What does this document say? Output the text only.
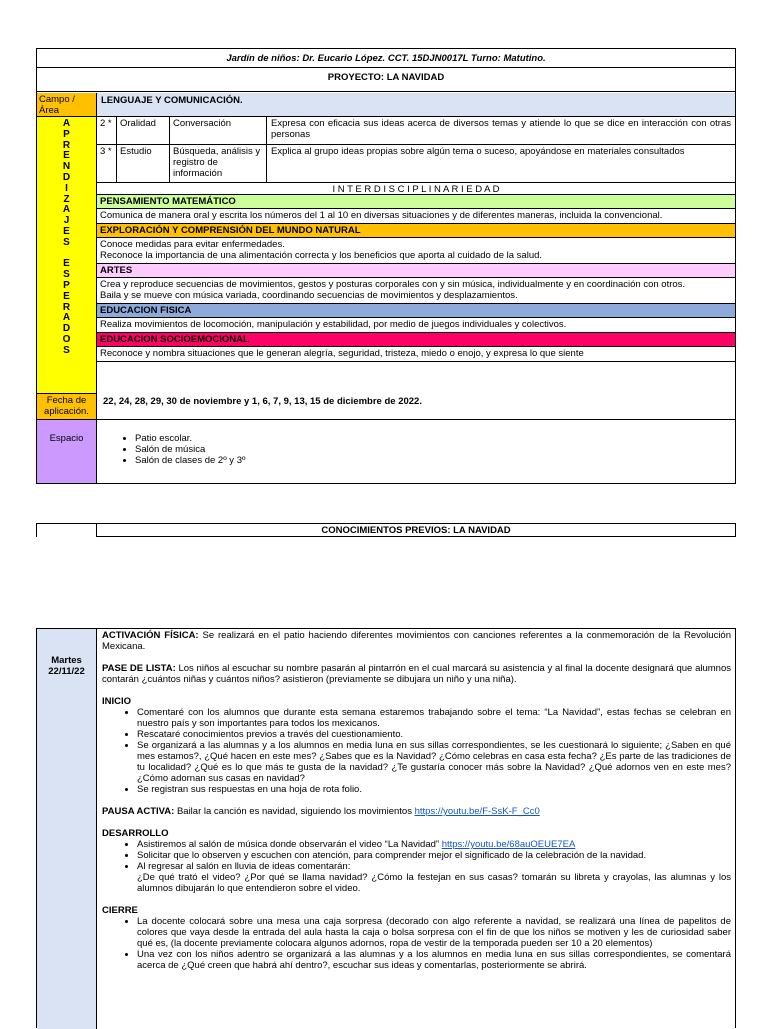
Jardín de niños: Dr. Eucario López. CCT. 15DJN0017L Turno: Matutino.
PROYECTO: LA NAVIDAD
Campo / Área
LENGUAJE Y COMUNICACIÓN.
A
P
R
E
N
D
I
Z
A
J
E
S

E
S
P
E
R
A
D
O
S
2 * Oralidad	Conversación	Expresa con eficacia sus ideas acerca de diversos temas y atiende lo que se dice en interacción con otras personas
3 * Estudio	Búsqueda, análisis y registro de información
Explica al grupo ideas propias sobre algún tema o suceso, apoyándose en materiales consultados
I N T E R D I S C I P L I N A R I E D A D
PENSAMIENTO MATEMÁTICO
Comunica de manera oral y escrita los números del 1 al 10 en diversas situaciones y de diferentes maneras, incluida la convencional.
EXPLORACIÓN Y COMPRENSIÓN DEL MUNDO NATURAL
Conoce medidas para evitar enfermedades.
Reconoce la importancia de una alimentación correcta y los beneficios que aporta al cuidado de la salud.
ARTES
Crea y reproduce secuencias de movimientos, gestos y posturas corporales con y sin música, individualmente y en coordinación con otros.
Baila y se mueve con música variada, coordinando secuencias de movimientos y desplazamientos.
EDUCACION FISICA
Realiza movimientos de locomoción, manipulación y estabilidad, por medio de juegos individuales y colectivos.
EDUCACION SOCIOEMOCIONAL
Reconoce y nombra situaciones que le generan alegría, seguridad, tristeza, miedo o enojo, y expresa lo que siente
Fecha de aplicación.
22, 24, 28, 29, 30 de noviembre y 1, 6, 7, 9, 13, 15 de diciembre de 2022.
Espacio
•	Patio escolar.
• Salón de música
• Salón de clases de 2º y 3º
CONOCIMIENTOS PREVIOS: LA NAVIDAD
Martes
22/11/22
ACTIVACIÓN FÍSICA: Se realizará en el patio haciendo diferentes movimientos con canciones referentes a la conmemoración de la Revolución Mexicana.
PASE DE LISTA: Los niños al escuchar su nombre pasarán al pintarrón en el cual marcará su asistencia y al final la docente designará que alumnos contarán ¿cuántos niñas y cuántos niños? asistieron (previamente se dibujara un niño y una niña).
INICIO
• Comentaré con los alumnos que durante esta semana estaremos trabajando sobre el tema: “La Navidad”, estas fechas se celebran en nuestro país y son importantes para todos los mexicanos.
• Rescataré conocimientos previos a través del cuestionamiento.
• Se organizará a las alumnas y a los alumnos en media luna en sus sillas correspondientes, se les cuestionará lo siguiente; ¿Saben en qué mes estamos?, ¿Qué hacen en este mes? ¿Sabes que es la Navidad? ¿Cómo celebras en casa esta fecha? ¿Es parte de las tradiciones de tu localidad? ¿Qué es lo que más te gusta de la navidad? ¿Te gustaría conocer más sobre la Navidad? ¿Qué adornos ven en este mes? ¿Cómo adornan sus casas en navidad?
• Se registran sus respuestas en una hoja de rota folio.
PAUSA ACTIVA: Bailar la canción es navidad, siguiendo los movimientos https://youtu.be/F-SsK-F_Cc0
DESARROLLO
• Asistiremos al salón de música donde observarán el video “La Navidad” https://youtu.be/68auOEUE7EA
• Solicitar que lo observen y escuchen con atención, para comprender mejor el significado de la celebración de la navidad.
• Al regresar al salón en lluvia de ideas comentarán:
¿De qué trató el video? ¿Por qué se llama navidad? ¿Cómo la festejan en sus casas? tomarán su libreta y crayolas, las alumnas y los alumnos dibujarán lo que entendieron sobre el video.
CIERRE
• La docente colocará sobre una mesa una caja sorpresa (decorado con algo referente a navidad, se realizará una línea de papelitos de colores que vaya desde la entrada del aula hasta la caja o bolsa sorpresa con el fin de que los niños se motiven y les de curiosidad saber qué es, (la docente previamente colocara algunos adornos, ropa de vestir de la temporada pueden ser 10 a 20 elementos)
• Una vez con los niños adentro se organizará a las alumnas y a los alumnos en media luna en sus sillas correspondientes, se comentará acerca de ¿Qué creen que habrá ahí dentro?, escuchar sus ideas y comentarlas, posteriormente se abrirá.
